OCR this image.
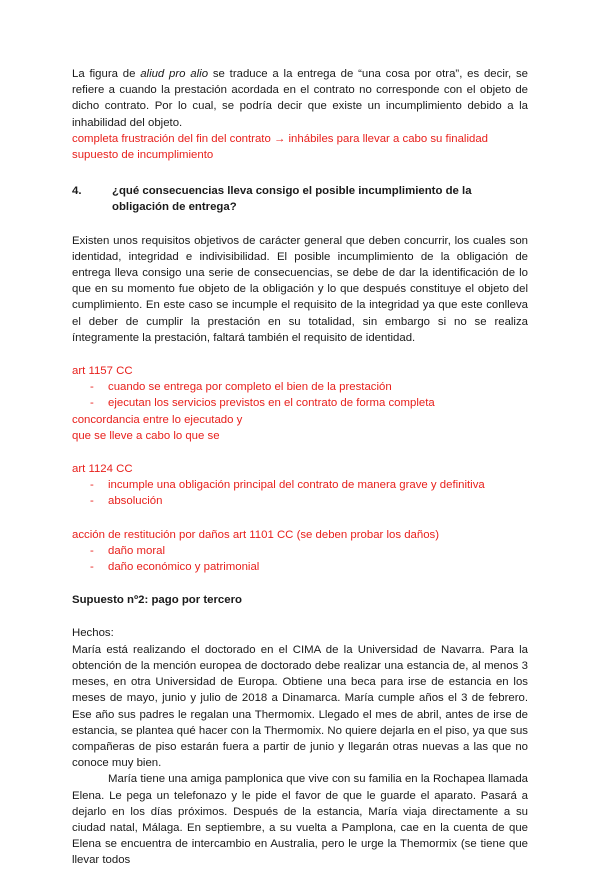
La figura de aliud pro alio se traduce a la entrega de “una cosa por otra”, es decir, se refiere a cuando la prestación acordada en el contrato no corresponde con el objeto de dicho contrato. Por lo cual, se podría decir que existe un incumplimiento debido a la inhabilidad del objeto.

completa frustración del fin del contrato → inhábiles para llevar a cabo su finalidad

supuesto de incumplimiento

4.	¿qué consecuencias lleva consigo el posible incumplimiento de la obligación de entrega?

Existen unos requisitos objetivos de carácter general que deben concurrir, los cuales son identidad, integridad e indivisibilidad. El posible incumplimiento de la obligación de entrega lleva consigo una serie de consecuencias, se debe de dar la identificación de lo que en su momento fue objeto de la obligación y lo que después constituye el objeto del cumplimiento. En este caso se incumple el requisito de la integridad ya que este conlleva el deber de cumplir la prestación en su totalidad, sin embargo si no se realiza íntegramente la prestación, faltará también el requisito de identidad.

art 1157 CC

-	cuando se entrega por completo el bien de la prestación
-	ejecutan los servicios previstos en el contrato de forma completa

concordancia entre lo ejecutado y

que se lleve a cabo lo que se

art 1124 CC

-	incumple una obligación principal del contrato de manera grave y definitiva
-	absolución

acción de restitución por daños art 1101 CC (se deben probar los daños)

-	daño moral
-	daño económico y patrimonial

Supuesto nº2: pago por tercero

Hechos:

María está realizando el doctorado en el CIMA de la Universidad de Navarra. Para la obtención de la mención europea de doctorado debe realizar una estancia de, al menos 3 meses, en otra Universidad de Europa. Obtiene una beca para irse de estancia en los meses de mayo, junio y julio de 2018 a Dinamarca. María cumple años el 3 de febrero. Ese año sus padres le regalan una Thermomix. Llegado el mes de abril, antes de irse de estancia, se plantea qué hacer con la Thermomix. No quiere dejarla en el piso, ya que sus compañeras de piso estarán fuera a partir de junio y llegarán otras nuevas a las que no conoce muy bien.

María tiene una amiga pamplonica que vive con su familia en la Rochapea llamada Elena. Le pega un telefonazo y le pide el favor de que le guarde el aparato. Pasará a dejarlo en los días próximos. Después de la estancia, María viaja directamente a su ciudad natal, Málaga. En septiembre, a su vuelta a Pamplona, cae en la cuenta de que Elena se encuentra de intercambio en Australia, pero le urge la Themormix (se tiene que llevar todos
